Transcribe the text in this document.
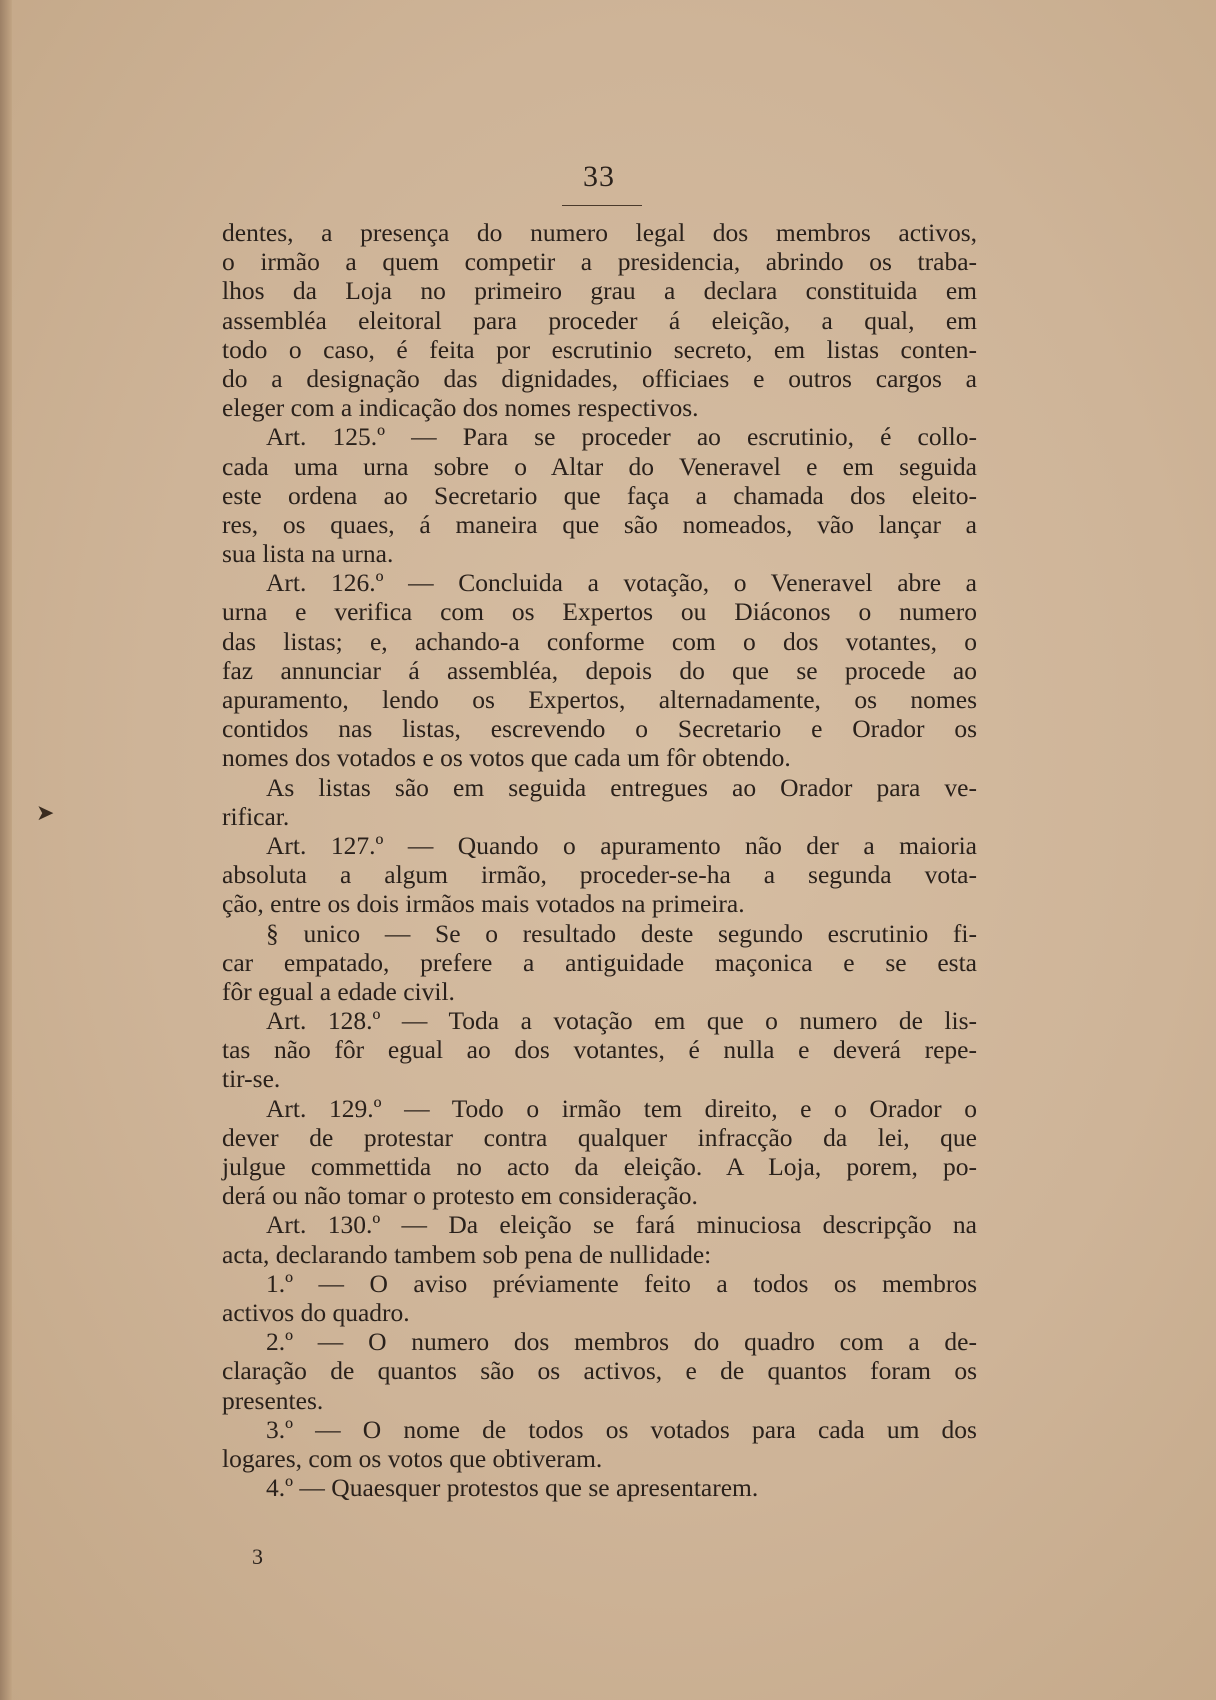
➤
33
dentes, a presença do numero legal dos membros activos,
o irmão a quem competir a presidencia, abrindo os traba-
lhos da Loja no primeiro grau a declara constituida em
assembléa eleitoral para proceder á eleição, a qual, em
todo o caso, é feita por escrutinio secreto, em listas conten-
do a designação das dignidades, officiaes e outros cargos a
eleger com a indicação dos nomes respectivos.
Art. 125.º — Para se proceder ao escrutinio, é collo-
cada uma urna sobre o Altar do Veneravel e em seguida
este ordena ao Secretario que faça a chamada dos eleito-
res, os quaes, á maneira que são nomeados, vão lançar a
sua lista na urna.
Art. 126.º — Concluida a votação, o Veneravel abre a
urna e verifica com os Expertos ou Diáconos o numero
das listas; e, achando-a conforme com o dos votantes, o
faz annunciar á assembléa, depois do que se procede ao
apuramento, lendo os Expertos, alternadamente, os nomes
contidos nas listas, escrevendo o Secretario e Orador os
nomes dos votados e os votos que cada um fôr obtendo.
As listas são em seguida entregues ao Orador para ve-
rificar.
Art. 127.º — Quando o apuramento não der a maioria
absoluta a algum irmão, proceder-se-ha a segunda vota-
ção, entre os dois irmãos mais votados na primeira.
§ unico — Se o resultado deste segundo escrutinio fi-
car empatado, prefere a antiguidade maçonica e se esta
fôr egual a edade civil.
Art. 128.º — Toda a votação em que o numero de lis-
tas não fôr egual ao dos votantes, é nulla e deverá repe-
tir-se.
Art. 129.º — Todo o irmão tem direito, e o Orador o
dever de protestar contra qualquer infracção da lei, que
julgue commettida no acto da eleição. A Loja, porem, po-
derá ou não tomar o protesto em consideração.
Art. 130.º — Da eleição se fará minuciosa descripção na
acta, declarando tambem sob pena de nullidade:
1.º — O aviso préviamente feito a todos os membros
activos do quadro.
2.º — O numero dos membros do quadro com a de-
claração de quantos são os activos, e de quantos foram os
presentes.
3.º — O nome de todos os votados para cada um dos
logares, com os votos que obtiveram.
4.º — Quaesquer protestos que se apresentarem.
3
